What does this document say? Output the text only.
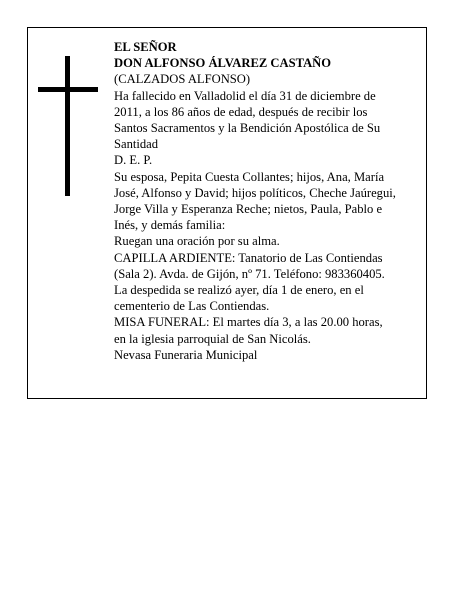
EL SEÑOR
DON ALFONSO ÁLVAREZ CASTAÑO
(CALZADOS ALFONSO)
Ha fallecido en Valladolid el día 31 de diciembre de
2011, a los 86 años de edad, después de recibir los
Santos Sacramentos y la Bendición Apostólica de Su
Santidad
D. E. P.
Su esposa, Pepita Cuesta Collantes; hijos, Ana, María
José, Alfonso y David; hijos políticos, Cheche Jaúregui,
Jorge Villa y Esperanza Reche; nietos, Paula, Pablo e
Inés, y demás familia:
Ruegan una oración por su alma.
CAPILLA ARDIENTE: Tanatorio de Las Contiendas
(Sala 2). Avda. de Gijón, nº 71. Teléfono: 983360405.
La despedida se realizó ayer, día 1 de enero, en el
cementerio de Las Contiendas.
MISA FUNERAL: El martes día 3, a las 20.00 horas,
en la iglesia parroquial de San Nicolás.
Nevasa Funeraria Municipal
